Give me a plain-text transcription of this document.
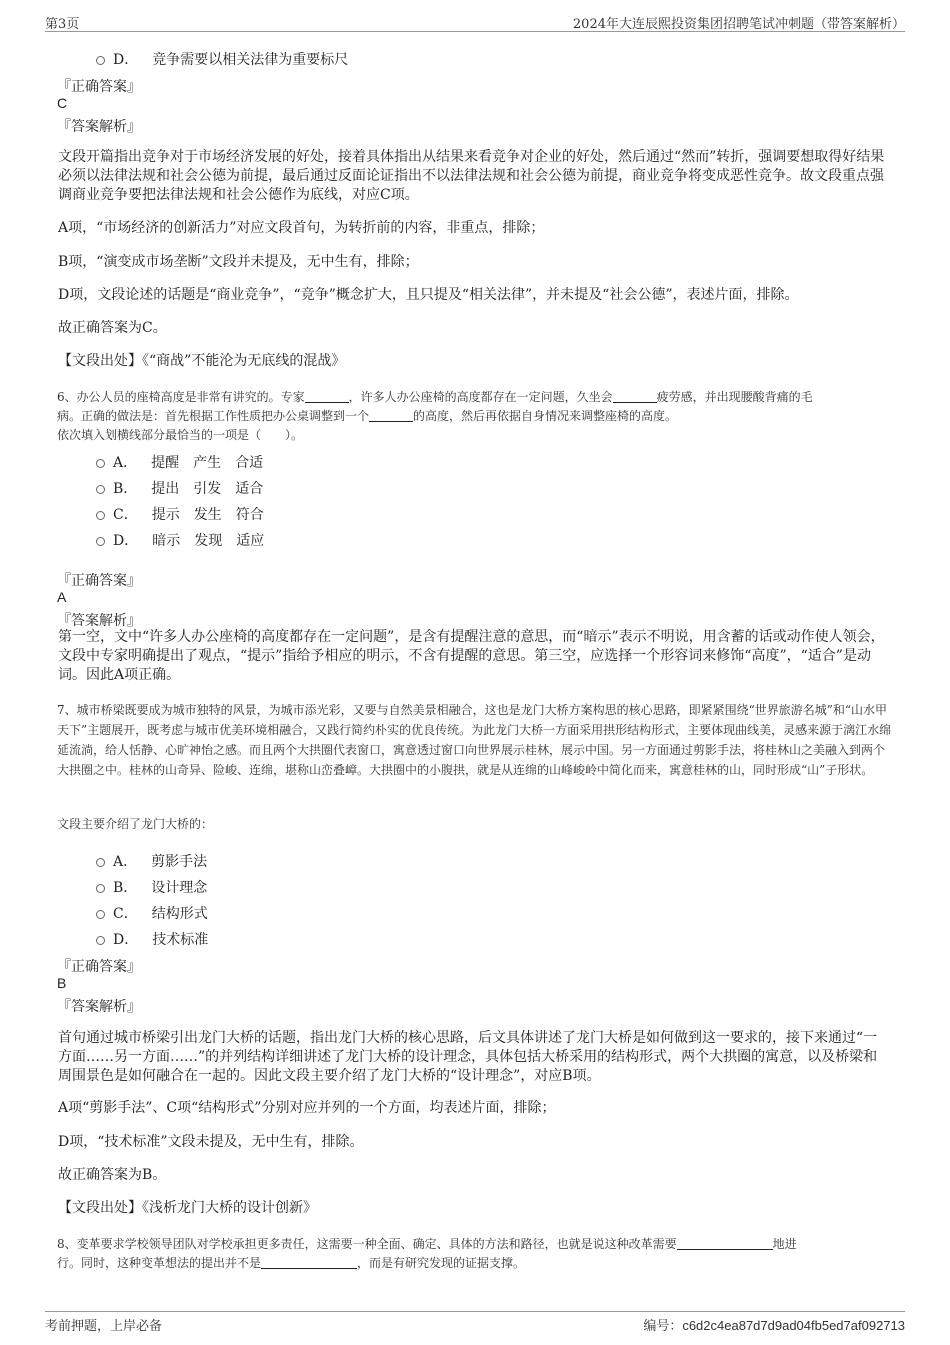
第3页	2024年大连辰熙投资集团招聘笔试冲刺题（带答案解析）
D． 竞争需要以相关法律为重要标尺
『正确答案』
C
『答案解析』
文段开篇指出竞争对于市场经济发展的好处，接着具体指出从结果来看竞争对企业的好处，然后通过“然而”转折，强调要想取得好结果必须以法律法规和社会公德为前提，最后通过反面论证指出不以法律法规和社会公德为前提，商业竞争将变成恶性竞争。故文段重点强调商业竞争要把法律法规和社会公德作为底线，对应C项。
A项，“市场经济的创新活力”对应文段首句，为转折前的内容，非重点，排除；
B项，“演变成市场垄断”文段并未提及，无中生有，排除；
D项，文段论述的话题是“商业竞争”，“竞争”概念扩大，且只提及“相关法律”，并未提及“社会公德”，表述片面，排除。
故正确答案为C。
【文段出处】《“商战”不能沦为无底线的混战》
6、办公人员的座椅高度是非常有讲究的。专家	，许多人办公座椅的高度都存在一定问题，久坐会	疲劳感，并出现腰酸背痛的毛
病。正确的做法是：首先根据工作性质把办公桌调整到一个	的高度，然后再依据自身情况来调整座椅的高度。
依次填入划横线部分最恰当的一项是（　　）。
A． 提醒　产生　合适
B． 提出　引发　适合
C． 提示　发生　符合
D． 暗示　发现　适应
『正确答案』
A
『答案解析』
第一空，文中“许多人办公座椅的高度都存在一定问题”，是含有提醒注意的意思，而“暗示”表示不明说，用含蓄的话或动作使人领会，文段中专家明确提出了观点，“提示”指给予相应的明示，不含有提醒的意思。第三空，应选择一个形容词来修饰“高度”，“适合”是动词。因此A项正确。
7、城市桥梁既要成为城市独特的风景，为城市添光彩，又要与自然美景相融合，这也是龙门大桥方案构思的核心思路，即紧紧围绕“世界旅游名城”和“山水甲天下”主题展开，既考虑与城市优美环境相融合，又践行简约朴实的优良传统。为此龙门大桥一方面采用拱形结构形式，主要体现曲线美，灵感来源于漓江水绵延流淌，给人恬静、心旷神怡之感。而且两个大拱圈代表窗口，寓意透过窗口向世界展示桂林，展示中国。另一方面通过剪影手法，将桂林山之美融入到两个大拱圈之中。桂林的山奇异、险峻、连绵，堪称山峦叠嶂。大拱圈中的小腹拱，就是从连绵的山峰峻岭中简化而来，寓意桂林的山，同时形成“山”子形状。
文段主要介绍了龙门大桥的：
A． 剪影手法
B． 设计理念
C． 结构形式
D． 技术标准
『正确答案』
B
『答案解析』
首句通过城市桥梁引出龙门大桥的话题，指出龙门大桥的核心思路，后文具体讲述了龙门大桥是如何做到这一要求的，接下来通过“一方面……另一方面……”的并列结构详细讲述了龙门大桥的设计理念，具体包括大桥采用的结构形式，两个大拱圈的寓意，以及桥梁和周围景色是如何融合在一起的。因此文段主要介绍了龙门大桥的“设计理念”，对应B项。
A项“剪影手法”、C项“结构形式”分别对应并列的一个方面，均表述片面，排除；
D项，“技术标准”文段未提及，无中生有，排除。
故正确答案为B。
【文段出处】《浅析龙门大桥的设计创新》
8、变革要求学校领导团队对学校承担更多责任，这需要一种全面、确定、具体的方法和路径，也就是说这种改革需要	地进
行。同时，这种变革想法的提出并不是	，而是有研究发现的证据支撑。
考前押题，上岸必备	编号：c6d2c4ea87d7d9ad04fb5ed7af092713
